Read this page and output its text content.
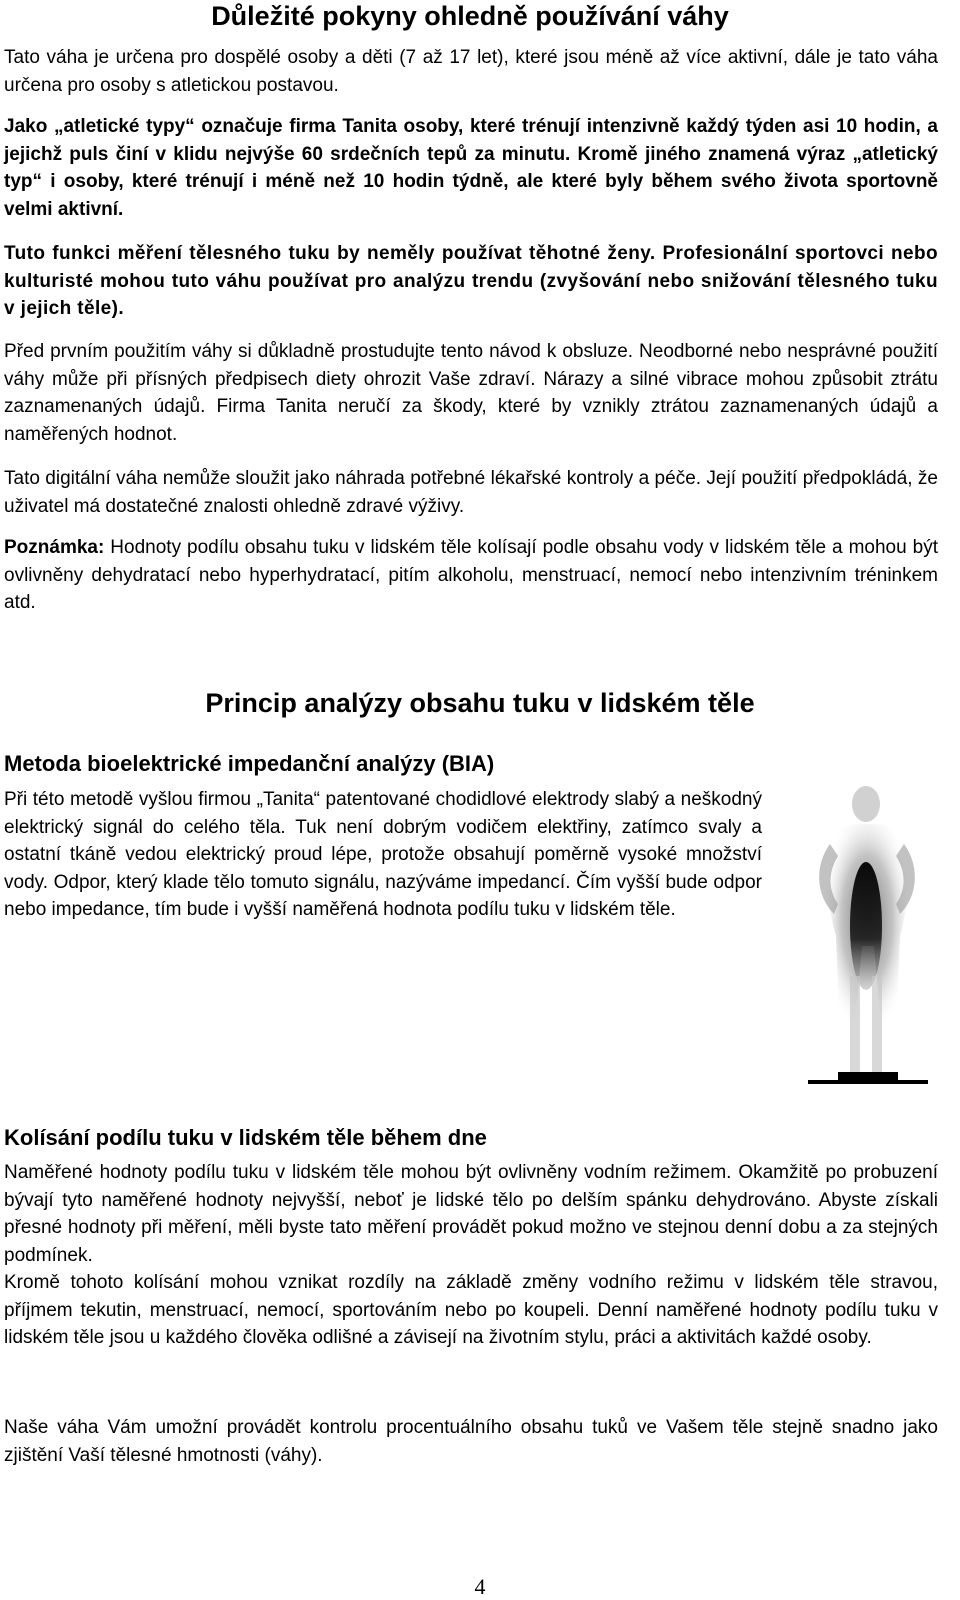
Důležité pokyny ohledně používání váhy

Tato váha je určena pro dospělé osoby a děti (7 až 17 let), které jsou méně až více aktivní, dále je tato váha určena pro osoby s atletickou postavou.

Jako „atletické typy“ označuje firma Tanita osoby, které trénují intenzivně každý týden asi 10 hodin, a jejichž puls činí v klidu nejvýše 60 srdečních tepů za minutu. Kromě jiného znamená výraz „atletický typ“ i osoby, které trénují i méně než 10 hodin týdně, ale které byly během svého života sportovně velmi aktivní.

Tuto funkci měření tělesného tuku by neměly používat těhotné ženy. Profesionální sportovci nebo kulturisté mohou tuto váhu používat pro analýzu trendu (zvyšování nebo snižování tělesného tuku v jejich těle).

Před prvním použitím váhy si důkladně prostudujte tento návod k obsluze. Neodborné nebo nesprávné použití váhy může při přísných předpisech diety ohrozit Vaše zdraví. Nárazy a silné vibrace mohou způsobit ztrátu zaznamenaných údajů. Firma Tanita neručí za škody, které by vznikly ztrátou zaznamenaných údajů a naměřených hodnot.

Tato digitální váha nemůže sloužit jako náhrada potřebné lékařské kontroly a péče. Její použití předpokládá, že uživatel má dostatečné znalosti ohledně zdravé výživy.

Poznámka: Hodnoty podílu obsahu tuku v lidském těle kolísají podle obsahu vody v lidském těle a mohou být ovlivněny dehydratací nebo hyperhydratací, pitím alkoholu, menstruací, nemocí nebo intenzivním tréninkem atd.

Princip analýzy obsahu tuku v lidském těle
Metoda bioelektrické impedanční analýzy (BIA)

Při této metodě vyšlou firmou „Tanita“ patentované chodidlové elektrody slabý a neškodný elektrický signál do celého těla. Tuk není dobrým vodičem elektřiny, zatímco svaly a ostatní tkáně vedou elektrický proud lépe, protože obsahují poměrně vysoké množství vody. Odpor, který klade tělo tomuto signálu, nazýváme impedancí. Čím vyšší bude odpor nebo impedance, tím bude i vyšší naměřená hodnota podílu tuku v lidském těle.

Kolísání podílu tuku v lidském těle během dne

Naměřené hodnoty podílu tuku v lidském těle mohou být ovlivněny vodním režimem. Okamžitě po probuzení bývají tyto naměřené hodnoty nejvyšší, neboť je lidské tělo po delším spánku dehydrováno. Abyste získali přesné hodnoty při měření, měli byste tato měření provádět pokud možno ve stejnou denní dobu a za stejných podmínek.

Kromě tohoto kolísání mohou vznikat rozdíly na základě změny vodního režimu v lidském těle stravou, příjmem tekutin, menstruací, nemocí, sportováním nebo po koupeli. Denní naměřené hodnoty podílu tuku v lidském těle jsou u každého člověka odlišné a závisejí na životním stylu, práci a aktivitách každé osoby.

Naše váha Vám umožní provádět kontrolu procentuálního obsahu tuků ve Vašem těle stejně snadno jako zjištění Vaší tělesné hmotnosti (váhy).

4
